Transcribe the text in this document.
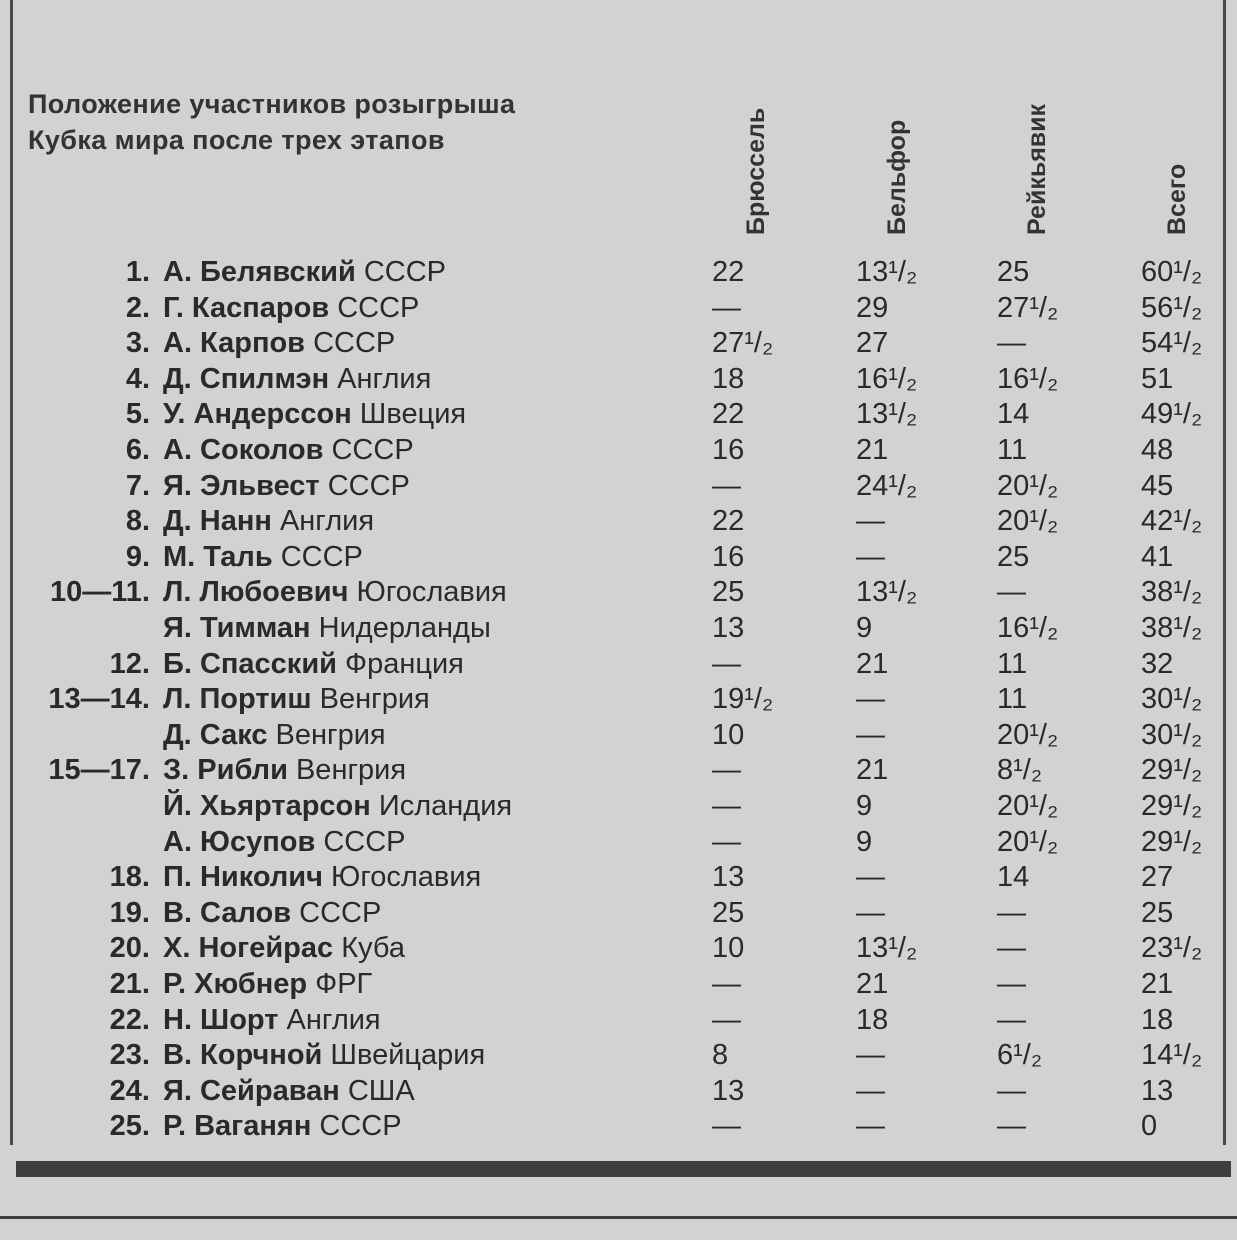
Положение участников розыгрыша
Кубка мира после трех этапов	Брюссель	Бельфор	Рейкьявик	Всего
1. А. Белявский СССР	22	13¹/₂	25	60¹/₂
2. Г. Каспаров СССР	—	29	27¹/₂	56¹/₂
3. А. Карпов СССР	27¹/₂	27	—	54¹/₂
4. Д. Спилмэн Англия	18	16¹/₂	16¹/₂	51
5. У. Андерссон Швеция	22	13¹/₂	14	49¹/₂
6. А. Соколов СССР	16	21	11	48
7. Я. Эльвест СССР	—	24¹/₂	20¹/₂	45
8. Д. Нанн Англия	22	—	20¹/₂	42¹/₂
9. М. Таль СССР	16	—	25	41
10—11. Л. Любоевич Югославия	25	13¹/₂	—	38¹/₂
Я. Тимман Нидерланды	13	9	16¹/₂	38¹/₂
12. Б. Спасский Франция	—	21	11	32
13—14. Л. Портиш Венгрия	19¹/₂	—	11	30¹/₂
Д. Сакс Венгрия	10	—	20¹/₂	30¹/₂
15—17. З. Рибли Венгрия	—	21	8¹/₂	29¹/₂
Й. Хьяртарсон Исландия	—	9	20¹/₂	29¹/₂
А. Юсупов СССР	—	9	20¹/₂	29¹/₂
18. П. Николич Югославия	13	—	14	27
19. В. Салов СССР	25	—	—	25
20. Х. Ногейрас Куба	10	13¹/₂	—	23¹/₂
21. Р. Хюбнер ФРГ	—	21	—	21
22. Н. Шорт Англия	—	18	—	18
23. В. Корчной Швейцария	8	—	6¹/₂	14¹/₂
24. Я. Сейраван США	13	—	—	13
25. Р. Ваганян СССР	—	—	—	0
